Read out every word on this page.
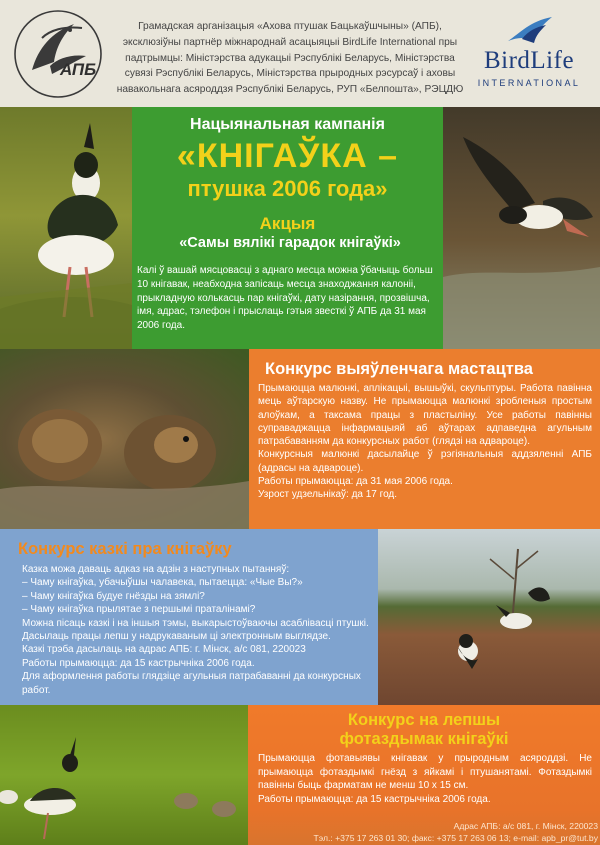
АПБ
Грамадская арганізацыя «Ахова птушак Бацькаўшчыны» (АПБ), эксклюзіўны партнёр міжнароднай асацыяцыі BirdLife International пры падтрымцы: Міністэрства адукацыі Рэспублікі Беларусь, Міністэрства сувязі Рэспублікі Беларусь, Міністэрства прыродных рэсурсаў і аховы навакольнага асяроддзя Рэспублікі Беларусь, РУП «Белпошта», РЭЦДЮ
BirdLife
INTERNATIONAL
Нацыянальная кампанія
«КНІГАЎКА –
птушка 2006 года»
Акцыя
«Самы вялікі гарадок кнігаўкі»
Калі ў вашай мясцовасці з аднаго месца можна ўбачыць больш 10 кнігавак, неабходна запісаць месца знаходжання калоніі, прыкладную колькасць пар кнігаўкі, дату назірання, прозвішча, імя, адрас, тэлефон і прыслаць гэтыя звесткі ў АПБ да 31 мая 2006 года.
Конкурс выяўленчага мастацтва

Прымаюцца малюнкі, аплікацыі, вышыўкі, скульптуры. Работа павінна мець аўтарскую назву. Не прымаюцца малюнкі зробленыя простым алоўкам, а таксама працы з пластыліну. Усе работы павінны суправаджацца інфармацыяй аб аўтарах адпаведна агульным патрабаванням да конкурсных работ (глядзі на адвароце).

Конкурсныя малюнкі дасылайце ў рэгіянальныя аддзяленні АПБ (адрасы на адвароце).

Работы прымаюцца: да 31 мая 2006 года.

Узрост удзельнікаў: да 17 год.

Конкурс казкі пра кнігаўку

Казка можа даваць адказ на адзін з наступных пытанняў:

– Чаму кнігаўка, убачыўшы чалавека, пытаецца: «Чые Вы?»

– Чаму кнігаўка будуе гнёзды на зямлі?

– Чаму кнігаўка прылятае з першымі праталінамі?

Можна пісаць казкі і на іншыя тэмы, выкарыстоўваючы асаблівасці птушкі.

Дасылаць працы лепш у надрукаваным ці электронным выглядзе.

Казкі трэба дасылаць на адрас АПБ: г. Мінск, а/с 081, 220023

Работы прымаюцца: да 15 кастрычніка 2006 года.

Для аформлення работы глядзіце агульныя патрабаванні да конкурсных работ.

Конкурс на лепшы
фотаздымак кнігаўкі

Прымаюцца фотавыявы кнігавак у прыродным асяроддзі. Не прымаюцца фотаздымкі гнёзд з яйкамі і птушанятамі. Фотаздымкі павінны быць фарматам не менш 10 x 15 см.

Работы прымаюцца: да 15 кастрычніка 2006 года.

Адрас АПБ: а/с 081, г. Мінск, 220023

Тэл.: +375 17 263 01 30; факс: +375 17 263 06 13; e-mail: apb_pr@tut.by
